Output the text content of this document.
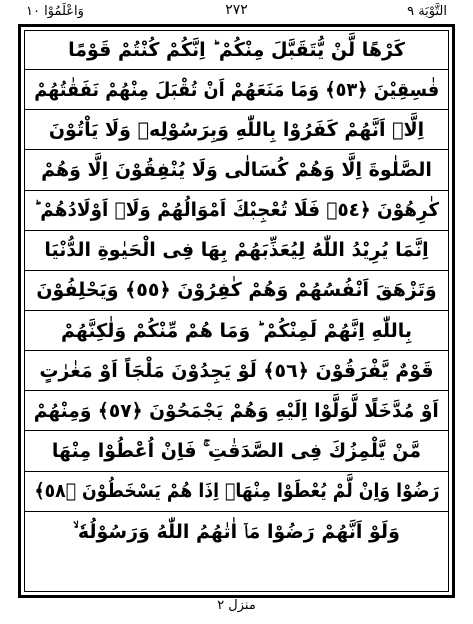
وَاعْلَمُوْا ١٠	٢٧٢	التَّوْبَة ٩
كَرْهًا لَّنْ يُّتَقَبَّلَ مِنْكُمْ ؕ اِنَّكُمْ كُنْتُمْ قَوْمًا
فٰسِقِيْنَ ﴿٥٣﴾ وَمَا مَنَعَهُمْ اَنْ تُقْبَلَ مِنْهُمْ نَفَقٰتُهُمْ
اِلَّاۤ اَنَّهُمْ كَفَرُوْا بِاللّٰهِ وَبِرَسُوْلِهٖ وَلَا يَاْتُوْنَ
الصَّلٰوةَ اِلَّا وَهُمْ كُسَالٰى وَلَا يُنْفِقُوْنَ اِلَّا وَهُمْ
كٰرِهُوْنَ ﴿٥٤﴾ فَلَا تُعْجِبْكَ اَمْوَالُهُمْ وَلَاۤ اَوْلَادُهُمْ ؕ
اِنَّمَا يُرِيْدُ اللّٰهُ لِيُعَذِّبَهُمْ بِهَا فِى الْحَيٰوةِ الدُّنْيَا
وَتَزْهَقَ اَنْفُسُهُمْ وَهُمْ كٰفِرُوْنَ ﴿٥٥﴾ وَيَحْلِفُوْنَ
بِاللّٰهِ اِنَّهُمْ لَمِنْكُمْ ؕ وَمَا هُمْ مِّنْكُمْ وَلٰكِنَّهُمْ
قَوْمٌ يَّفْرَقُوْنَ ﴿٥٦﴾ لَوْ يَجِدُوْنَ مَلْجَاً اَوْ مَغٰرٰتٍ
اَوْ مُدَّخَلًا لَّوَلَّوْا اِلَيْهِ وَهُمْ يَجْمَحُوْنَ ﴿٥٧﴾ وَمِنْهُمْ
مَّنْ يَّلْمِزُكَ فِى الصَّدَقٰتِ ۚ فَاِنْ اُعْطُوْا مِنْهَا
رَضُوْا وَاِنْ لَّمْ يُعْطَوْا مِنْهَاۤ اِذَا هُمْ يَسْخَطُوْنَ ﴿٥٨﴾
وَلَوْ اَنَّهُمْ رَضُوْا مَاۤ اٰتٰهُمُ اللّٰهُ وَرَسُوْلُهٗ ۙ
منزل ٢
